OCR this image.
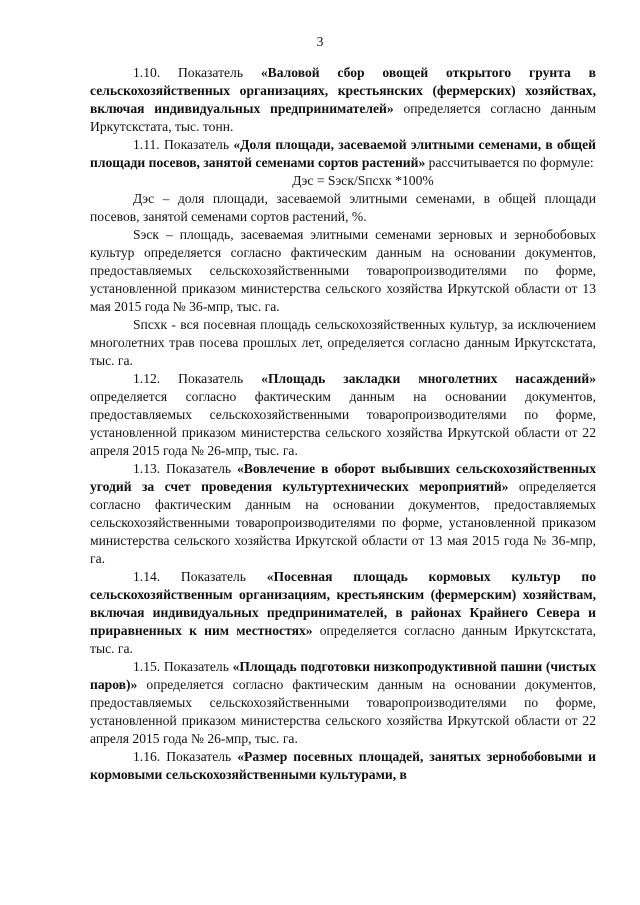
3

1.10. Показатель «Валовой сбор овощей открытого грунта в сельскохозяйственных организациях, крестьянских (фермерских) хозяйствах, включая индивидуальных предпринимателей» определяется согласно данным Иркутскстата, тыс. тонн.

1.11. Показатель «Доля площади, засеваемой элитными семенами, в общей площади посевов, занятой семенами сортов растений» рассчитывается по формуле:

Дэс = Sэск/Sпсхк *100%

Дэс – доля площади, засеваемой элитными семенами, в общей площади посевов, занятой семенами сортов растений, %.

Sэск – площадь, засеваемая элитными семенами зерновых и зернобобовых культур определяется согласно фактическим данным на основании документов, предоставляемых сельскохозяйственными товаропроизводителями по форме, установленной приказом министерства сельского хозяйства Иркутской области от 13 мая 2015 года № 36-мпр, тыс. га.

Sпсхк - вся посевная площадь сельскохозяйственных культур, за исключением многолетних трав посева прошлых лет, определяется согласно данным Иркутскстата, тыс. га.

1.12. Показатель «Площадь закладки многолетних насаждений» определяется согласно фактическим данным на основании документов, предоставляемых сельскохозяйственными товаропроизводителями по форме, установленной приказом министерства сельского хозяйства Иркутской области от 22 апреля 2015 года № 26-мпр, тыс. га.

1.13. Показатель «Вовлечение в оборот выбывших сельскохозяйственных угодий за счет проведения культуртехнических мероприятий» определяется согласно фактическим данным на основании документов, предоставляемых сельскохозяйственными товаропроизводителями по форме, установленной приказом министерства сельского хозяйства Иркутской области от 13 мая 2015 года № 36-мпр, га.

1.14. Показатель «Посевная площадь кормовых культур по сельскохозяйственным организациям, крестьянским (фермерским) хозяйствам, включая индивидуальных предпринимателей, в районах Крайнего Севера и приравненных к ним местностях» определяется согласно данным Иркутскстата, тыс. га.

1.15. Показатель «Площадь подготовки низкопродуктивной пашни (чистых паров)» определяется согласно фактическим данным на основании документов, предоставляемых сельскохозяйственными товаропроизводителями по форме, установленной приказом министерства сельского хозяйства Иркутской области от 22 апреля 2015 года № 26-мпр, тыс. га.

1.16. Показатель «Размер посевных площадей, занятых зернобобовыми и кормовыми сельскохозяйственными культурами, в
